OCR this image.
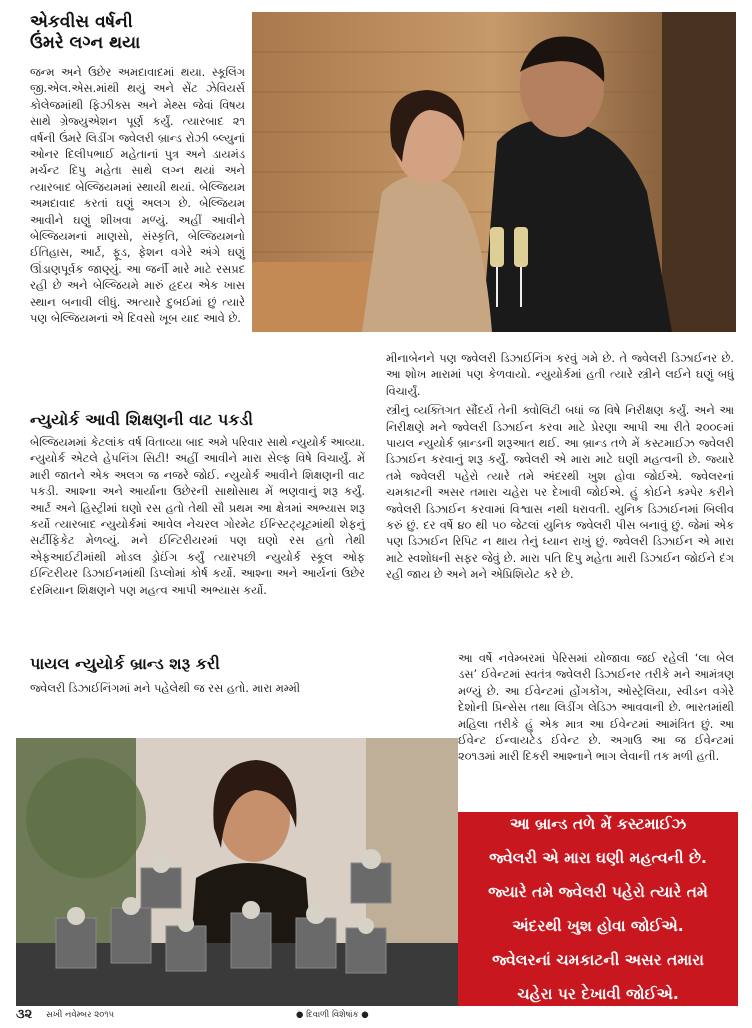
એકવીસ વર્ષની
ઉંમરે લગ્ન થયા

જન્મ અને ઉછેર અમદાવાદમાં થયા. સ્કૂલિંગ જી.એલ.એસ.માંથી થયું અને સેંટ ઝેવિયર્સ કોલેજમાંથી ફિઝીક્સ અને મેથ્સ જેવાં વિષય સાથે ગ્રેજ્યુએશન પૂર્ણ કર્યું. ત્યારબાદ ૨૧ વર્ષની ઉંમરે લિડીંગ જ્વેલરી બ્રાન્ડ રોઝી બ્લ્યુનાં ઓનર દિલીપભાઈ મહેતાનાં પુત્ર અને ડાયમંડ મર્ચન્ટ દિપુ મહેતા સાથે લગ્ન થયાં અને ત્યારબાદ બેલ્જિયમમાં સ્થાયી થયાં. બેલ્જિયમ અમદાવાદ કરતાં ઘણું અલગ છે. બેલ્જિયમ આવીને ઘણું શીખવા મળ્યું. અહીં આવીને બેલ્જિયમનાં માણસો, સંસ્કૃતિ, બેલ્જિયમનો ઈતિહાસ, આર્ટ, ફૂડ, ફેશન વગેરે અંગે ઘણું ઊંડાણપૂર્વક જાણ્યું. આ જર્ની મારે માટે રસપ્રદ રહી છે અને બેલ્જિયમે મારું હૃદય એક ખાસ સ્થાન બનાવી લીધું. અત્યારે દુબઈમાં છું ત્યારે પણ બેલ્જિયમનાં એ દિવસો ખૂબ યાદ આવે છે.

ન્યુયોર્ક આવી શિક્ષણની વાટ પકડી

બેલ્જિયમમાં કેટલાંક વર્ષ વિતાવ્યા બાદ અમે પરિવાર સાથે ન્યુયોર્ક આવ્યા. ન્યુયોર્ક એટલે હેપનિંગ સિટી! અહીં આવીને મારા સેલ્ફ વિષે વિચાર્યું. મેં મારી જાતને એક અલગ જ નજરે જોઈ. ન્યુયોર્ક આવીને શિક્ષણની વાટ પકડી. આશ્ના અને આર્યાના ઉછેરની સાથોસાથ મેં ભણવાનું શરૂ કર્યું. આર્ટ અને હિસ્ટ્રીમાં ઘણો રસ હતો તેથી સૌ પ્રથમ આ ક્ષેત્રમાં અભ્યાસ શરૂ કર્યો ત્યારબાદ ન્યુયોર્કમાં આવેલ નેચરલ ગોરમેટ ઈન્સ્ટિટ્યૂટમાંથી શેફનું સર્ટીફિકેટ મેળવ્યું. મને ઈન્ટિરીયરમાં પણ ઘણો રસ હતો તેથી એફઆઈટીમાંથી મોડલ ડ્રોઈંગ કર્યું ત્યારપછી ન્યુયોર્ક સ્કૂલ ઓફ ઈન્ટિરીયર ડિઝાઈનમાંથી ડિપ્લોમાં કોર્ષ કર્યો. આશ્ના અને આર્યનાં ઉછેર દરમિયાન શિક્ષણને પણ મહત્વ આપી અભ્યાસ કર્યો.

પાયલ ન્યુયોર્ક બ્રાન્ડ શરૂ કરી

જ્વેલરી ડિઝાઈનિંગમાં મને પહેલેથી જ રસ હતો. મારા મમ્મી

મીનાબેનને પણ જ્વેલરી ડિઝાઈનિંગ કરવું ગમે છે. તે જ્વેલરી ડિઝાઈનર છે. આ શોખ મારામાં પણ કેળવાયો. ન્યુયોર્કમાં હતી ત્યારે સ્ત્રીને લઈને ઘણું બધું વિચાર્યું.

સ્ત્રીનું વ્યક્તિગત સૌંદર્ય તેની ક્વોલિટી બધાં જ વિષે નિરીક્ષણ કર્યું. અને આ નિરીક્ષણે મને જ્વેલરી ડિઝાઈન કરવા માટે પ્રેરણા આપી આ રીતે ૨૦૦૯માં પાયલ ન્યુયોર્ક બ્રાન્ડની શરૂઆત થઈ. આ બ્રાન્ડ તળે મેં કસ્ટમાઈઝ જ્વેલરી ડિઝાઈન કરવાનું શરૂ કર્યું. જ્વેલરી એ મારા માટે ઘણી મહત્વની છે. જ્યારે તમે જ્વેલરી પહેરો ત્યારે તમે અંદરથી ખુશ હોવા જોઈએ. જ્વેલરનાં ચમકાટની અસર તમારા ચહેરા પર દેખાવી જોઈએ. હું કોઈને કમ્પેર કરીને જ્વેલરી ડિઝાઈન કરવામાં વિશ્વાસ નથી ધરાવતી. યુનિક ડિઝાઈનમાં બિલીવ કરું છું. દર વર્ષે ૪૦ થી ૫૦ જેટલાં યુનિક જ્વેલરી પીસ બનાવું છું. જેમાં એક પણ ડિઝાઈન રિપિટ ન થાય તેનું ધ્યાન રાખું છું. જ્વેલરી ડિઝાઈન એ મારા માટે સ્વશોધની સફર જેવું છે. મારા પતિ દિપુ મહેતા મારી ડિઝાઈન જોઈને દંગ રહી જાય છે અને મને એપ્રિશિયેટ કરે છે.

આ વર્ષે નવેમ્બરમાં પેરિસમાં યોજાવા જઈ રહેલી ‘લા બેલ ડસ’ ઈવેન્ટમાં સ્વતંત્ર જ્વેલરી ડિઝાઈનર તરીકે મને આમંત્રણ મળ્યું છે. આ ઈવેન્ટમાં હોંગકોંગ, ઓસ્ટ્રેલિયા, સ્વીડન વગેરે દેશોની પ્રિન્સેસ તથા લિડીંગ લેડિઝ આવવાની છે. ભારતમાંથી મહિલા તરીકે હું એક માત્ર આ ઈવેન્ટમાં આમંત્રિત છું. આ ઈવેન્ટ ઈન્વાયટેડ ઈવેન્ટ છે. અગાઉ આ જ ઈવેન્ટમાં ૨૦૧૩માં મારી દિકરી આશ્નાને ભાગ લેવાની તક મળી હતી.

આ બ્રાન્ડ તળે મેં કસ્ટમાઈઝ
જ્વેલરી એ મારા ઘણી મહત્વની છે.
જ્યારે તમે જ્વેલરી પહેરો ત્યારે તમે
અંદરથી ખુશ હોવા જોઈએ.
જ્વેલરનાં ચમકાટની અસર તમારા
ચહેરા પર દેખાવી જોઈએ.
૩૨ સખી નવેમ્બર ૨૦૧૫	● દિવાળી વિશેષાંક ●
